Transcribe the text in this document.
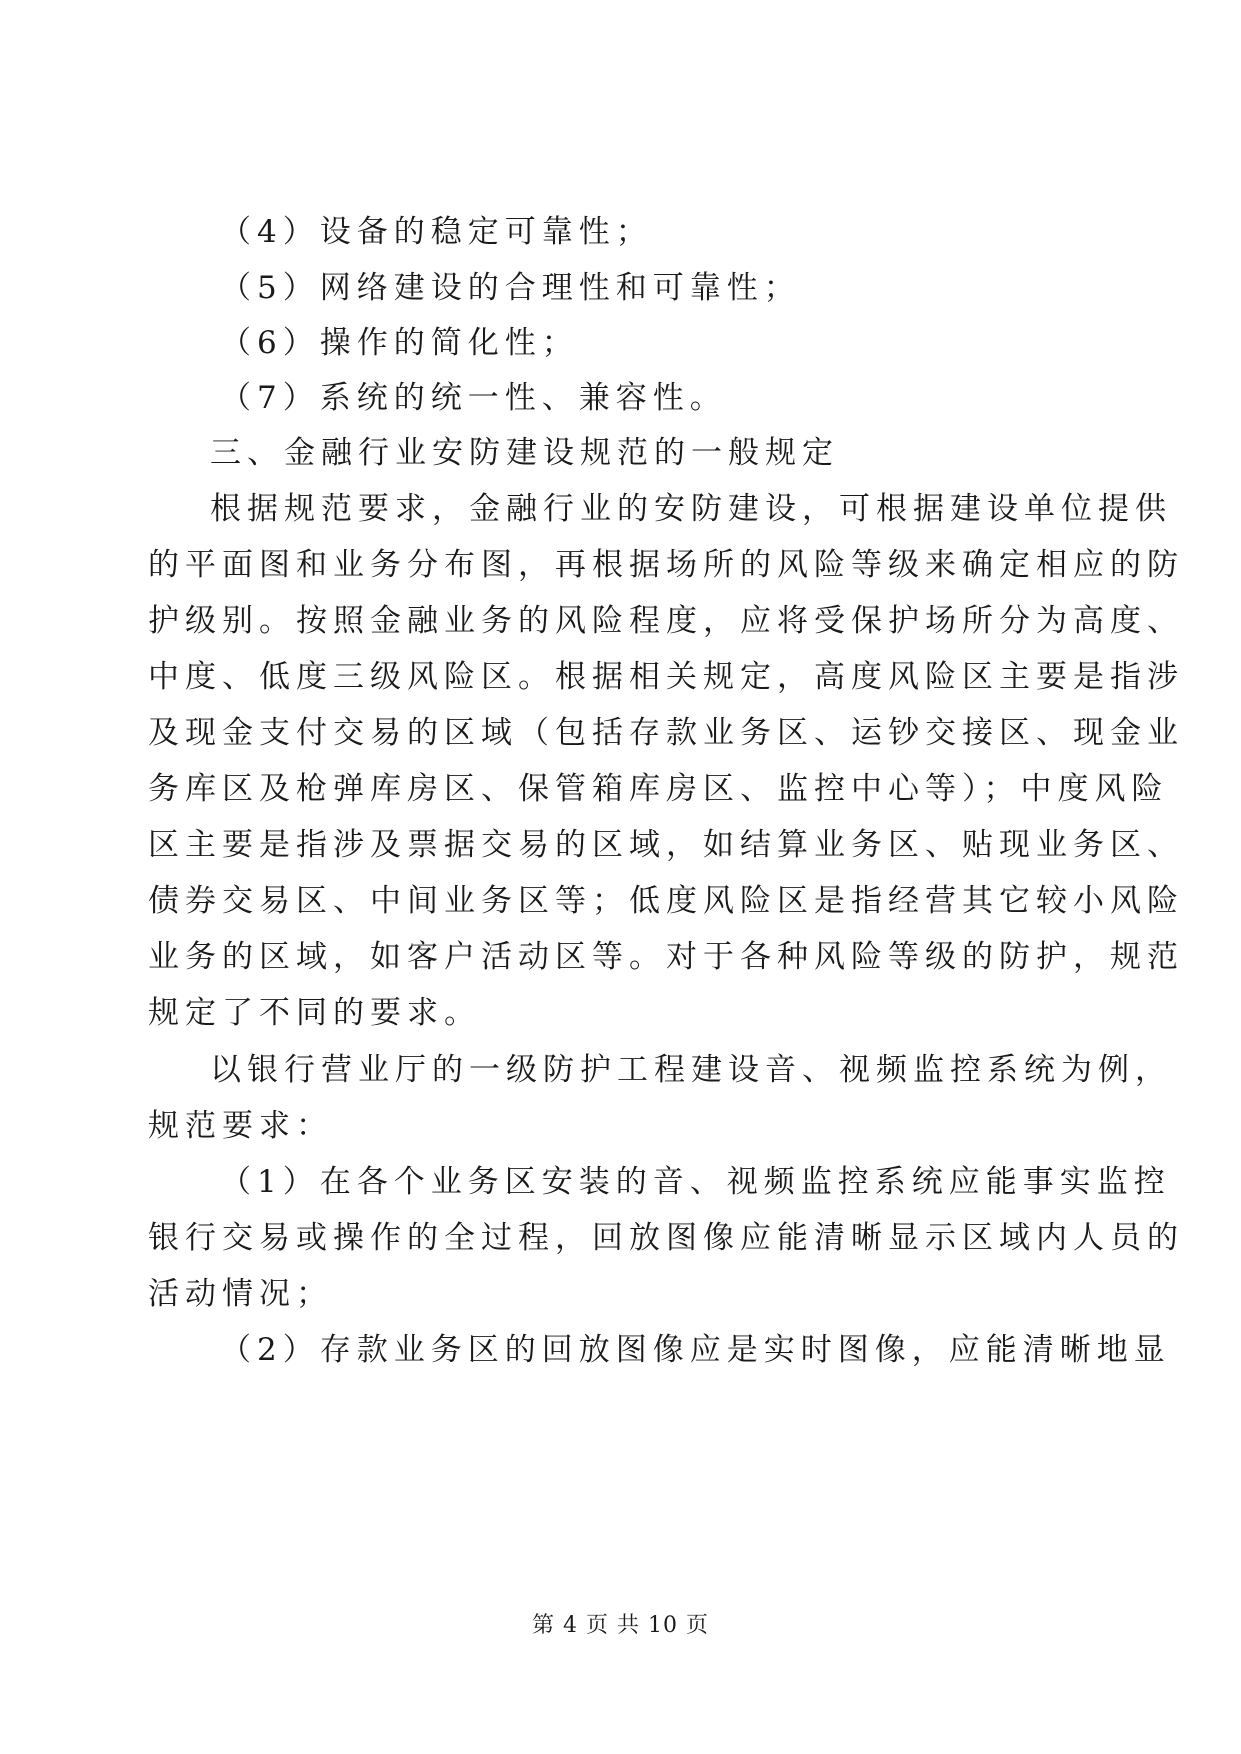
（4）设备的稳定可靠性；
（5）网络建设的合理性和可靠性；
（6）操作的简化性；
（7）系统的统一性、兼容性。
三、金融行业安防建设规范的一般规定
根据规范要求，金融行业的安防建设，可根据建设单位提供
的平面图和业务分布图，再根据场所的风险等级来确定相应的防
护级别。按照金融业务的风险程度，应将受保护场所分为高度、
中度、低度三级风险区。根据相关规定，高度风险区主要是指涉
及现金支付交易的区域（包括存款业务区、运钞交接区、现金业
务库区及枪弹库房区、保管箱库房区、监控中心等）；中度风险
区主要是指涉及票据交易的区域，如结算业务区、贴现业务区、
债券交易区、中间业务区等；低度风险区是指经营其它较小风险
业务的区域，如客户活动区等。对于各种风险等级的防护，规范
规定了不同的要求。
以银行营业厅的一级防护工程建设音、视频监控系统为例，
规范要求：
（1）在各个业务区安装的音、视频监控系统应能事实监控
银行交易或操作的全过程，回放图像应能清晰显示区域内人员的
活动情况；
（2）存款业务区的回放图像应是实时图像，应能清晰地显
第 4 页 共 10 页
